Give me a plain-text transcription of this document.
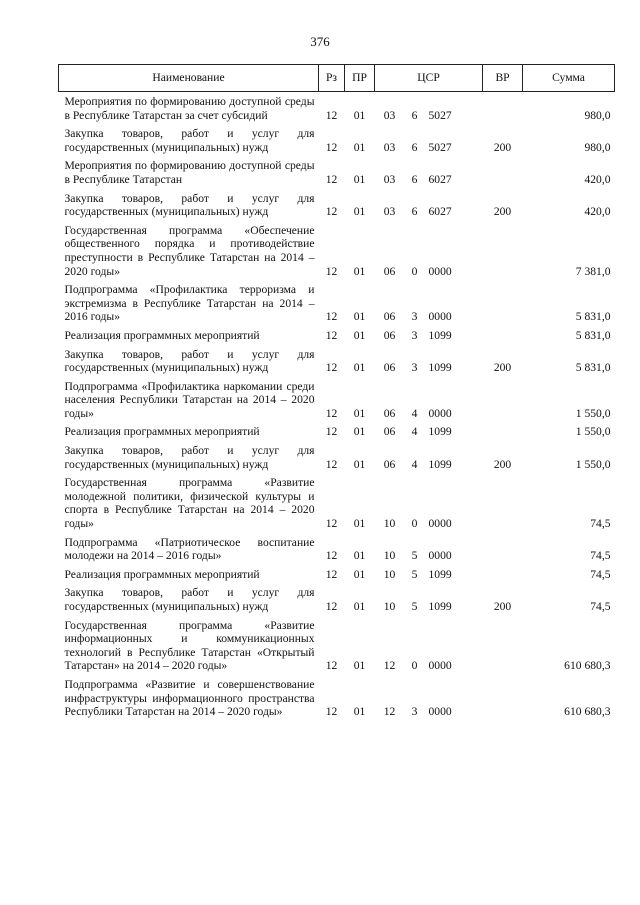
376
Наименование	Рз	ПР	ЦСР			ВР	Сумма
Мероприятия по формированию доступной среды в Республике Татарстан за счет субсидий	12	01	03	6	5027		980,0
Закупка товаров, работ и услуг для государственных (муниципальных) нужд	12	01	03	6	5027	200	980,0
Мероприятия по формированию доступной среды в Республике Татарстан	12	01	03	6	6027		420,0
Закупка товаров, работ и услуг для государственных (муниципальных) нужд	12	01	03	6	6027	200	420,0
Государственная программа «Обеспечение общественного порядка и противодействие преступности в Республике Татарстан на 2014 – 2020 годы»	12	01	06	0	0000		7 381,0
Подпрограмма «Профилактика терроризма и экстремизма в Республике Татарстан на 2014 – 2016 годы»	12	01	06	3	0000		5 831,0
Реализация программных мероприятий	12	01	06	3	1099		5 831,0
Закупка товаров, работ и услуг для государственных (муниципальных) нужд	12	01	06	3	1099	200	5 831,0
Подпрограмма «Профилактика наркомании среди населения Республики Татарстан на 2014 – 2020 годы»	12	01	06	4	0000		1 550,0
Реализация программных мероприятий	12	01	06	4	1099		1 550,0
Закупка товаров, работ и услуг для государственных (муниципальных) нужд	12	01	06	4	1099	200	1 550,0
Государственная программа «Развитие молодежной политики, физической культуры и спорта в Республике Татарстан на 2014 – 2020 годы»	12	01	10	0	0000		74,5
Подпрограмма «Патриотическое воспитание молодежи на 2014 – 2016 годы»	12	01	10	5	0000		74,5
Реализация программных мероприятий	12	01	10	5	1099		74,5
Закупка товаров, работ и услуг для государственных (муниципальных) нужд	12	01	10	5	1099	200	74,5
Государственная программа «Развитие информационных и коммуникационных технологий в Республике Татарстан «Открытый Татарстан» на 2014 – 2020 годы»	12	01	12	0	0000		610 680,3
Подпрограмма «Развитие и совершенствование инфраструктуры информационного пространства Республики Татарстан на 2014 – 2020 годы»	12	01	12	3	0000		610 680,3
